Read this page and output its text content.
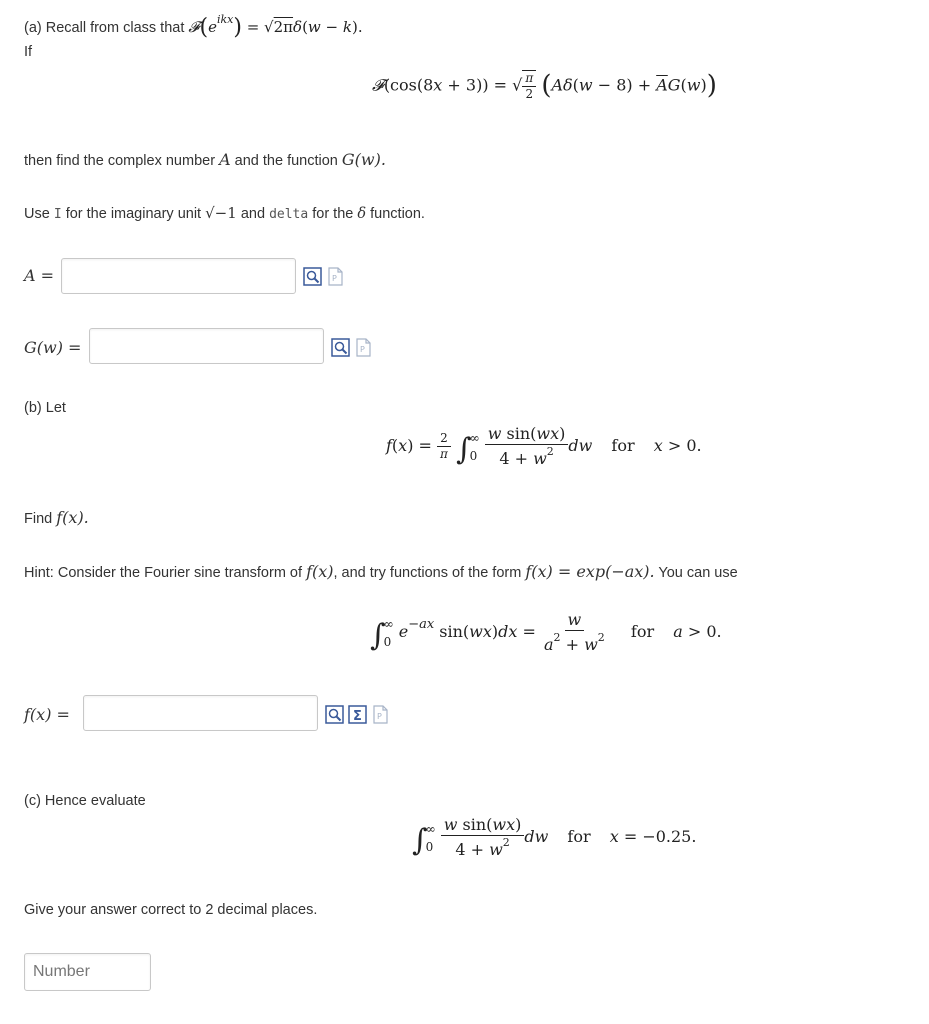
(a) Recall from class that $𝓕(e^{ikx}) = √2\pi\delta(w - k)$.
If
𝓕(cos(8x + 3)) = √ $\frac{\pi}{2} (A\delta(w - 8) + \overline{A}G(w))$
then find the complex number A and the function G(w).
Use I for the imaginary unit √−1 and delta for the δ function.
A =	P
G(w) =	P
(b) Let
$f(x) = \frac{2}{\pi}$ ∫
∞
0
$\frac{\text{w sin(wx)}}{4 + w^2}$ dw for x > 0.
Find f(x).
Hint: Consider the Fourier sine transform of f(x), and try functions of the form f(x) = exp(−ax). You can use
∫
∞
0
$e^{-ax}$ $\sin(wx)dx = \frac{w}{a^2 + w^2}$ for a > 0.
f(x) =	Σ P
(c) Hence evaluate
∫
∞
0
$\frac{\text{w sin(wx)}}{4 + w^2}$ dw for x = −0.25.
Give your answer correct to 2 decimal places.
Number
